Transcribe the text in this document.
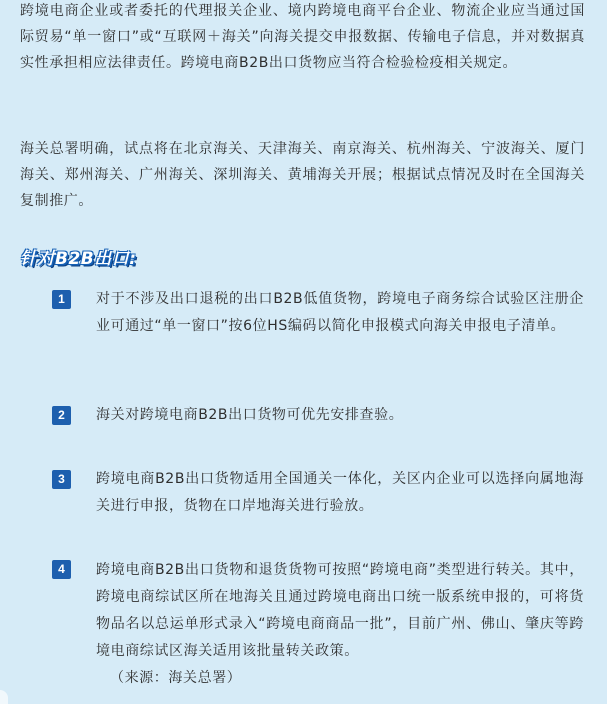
跨境电商企业或者委托的代理报关企业、境内跨境电商平台企业、物流企业应当通过国际贸易“单一窗口”或“互联网＋海关”向海关提交申报数据、传输电子信息，并对数据真实性承担相应法律责任。跨境电商B2B出口货物应当符合检验检疫相关规定。

海关总署明确，试点将在北京海关、天津海关、南京海关、杭州海关、宁波海关、厦门海关、郑州海关、广州海关、深圳海关、黄埔海关开展；根据试点情况及时在全国海关复制推广。

针对B2B出口:
1	对于不涉及出口退税的出口B2B低值货物，跨境电子商务综合试验区注册企业可通过“单一窗口”按6位HS编码以简化申报模式向海关申报电子清单。

2	海关对跨境电商B2B出口货物可优先安排查验。

3	跨境电商B2B出口货物适用全国通关一体化，关区内企业可以选择向属地海关进行申报，货物在口岸地海关进行验放。

4	跨境电商B2B出口货物和退货货物可按照“跨境电商”类型进行转关。其中，跨境电商综试区所在地海关且通过跨境电商出口统一版系统申报的，可将货物品名以总运单形式录入“跨境电商商品一批”，目前广州、佛山、肇庆等跨境电商综试区海关适用该批量转关政策。

（来源：海关总署）
